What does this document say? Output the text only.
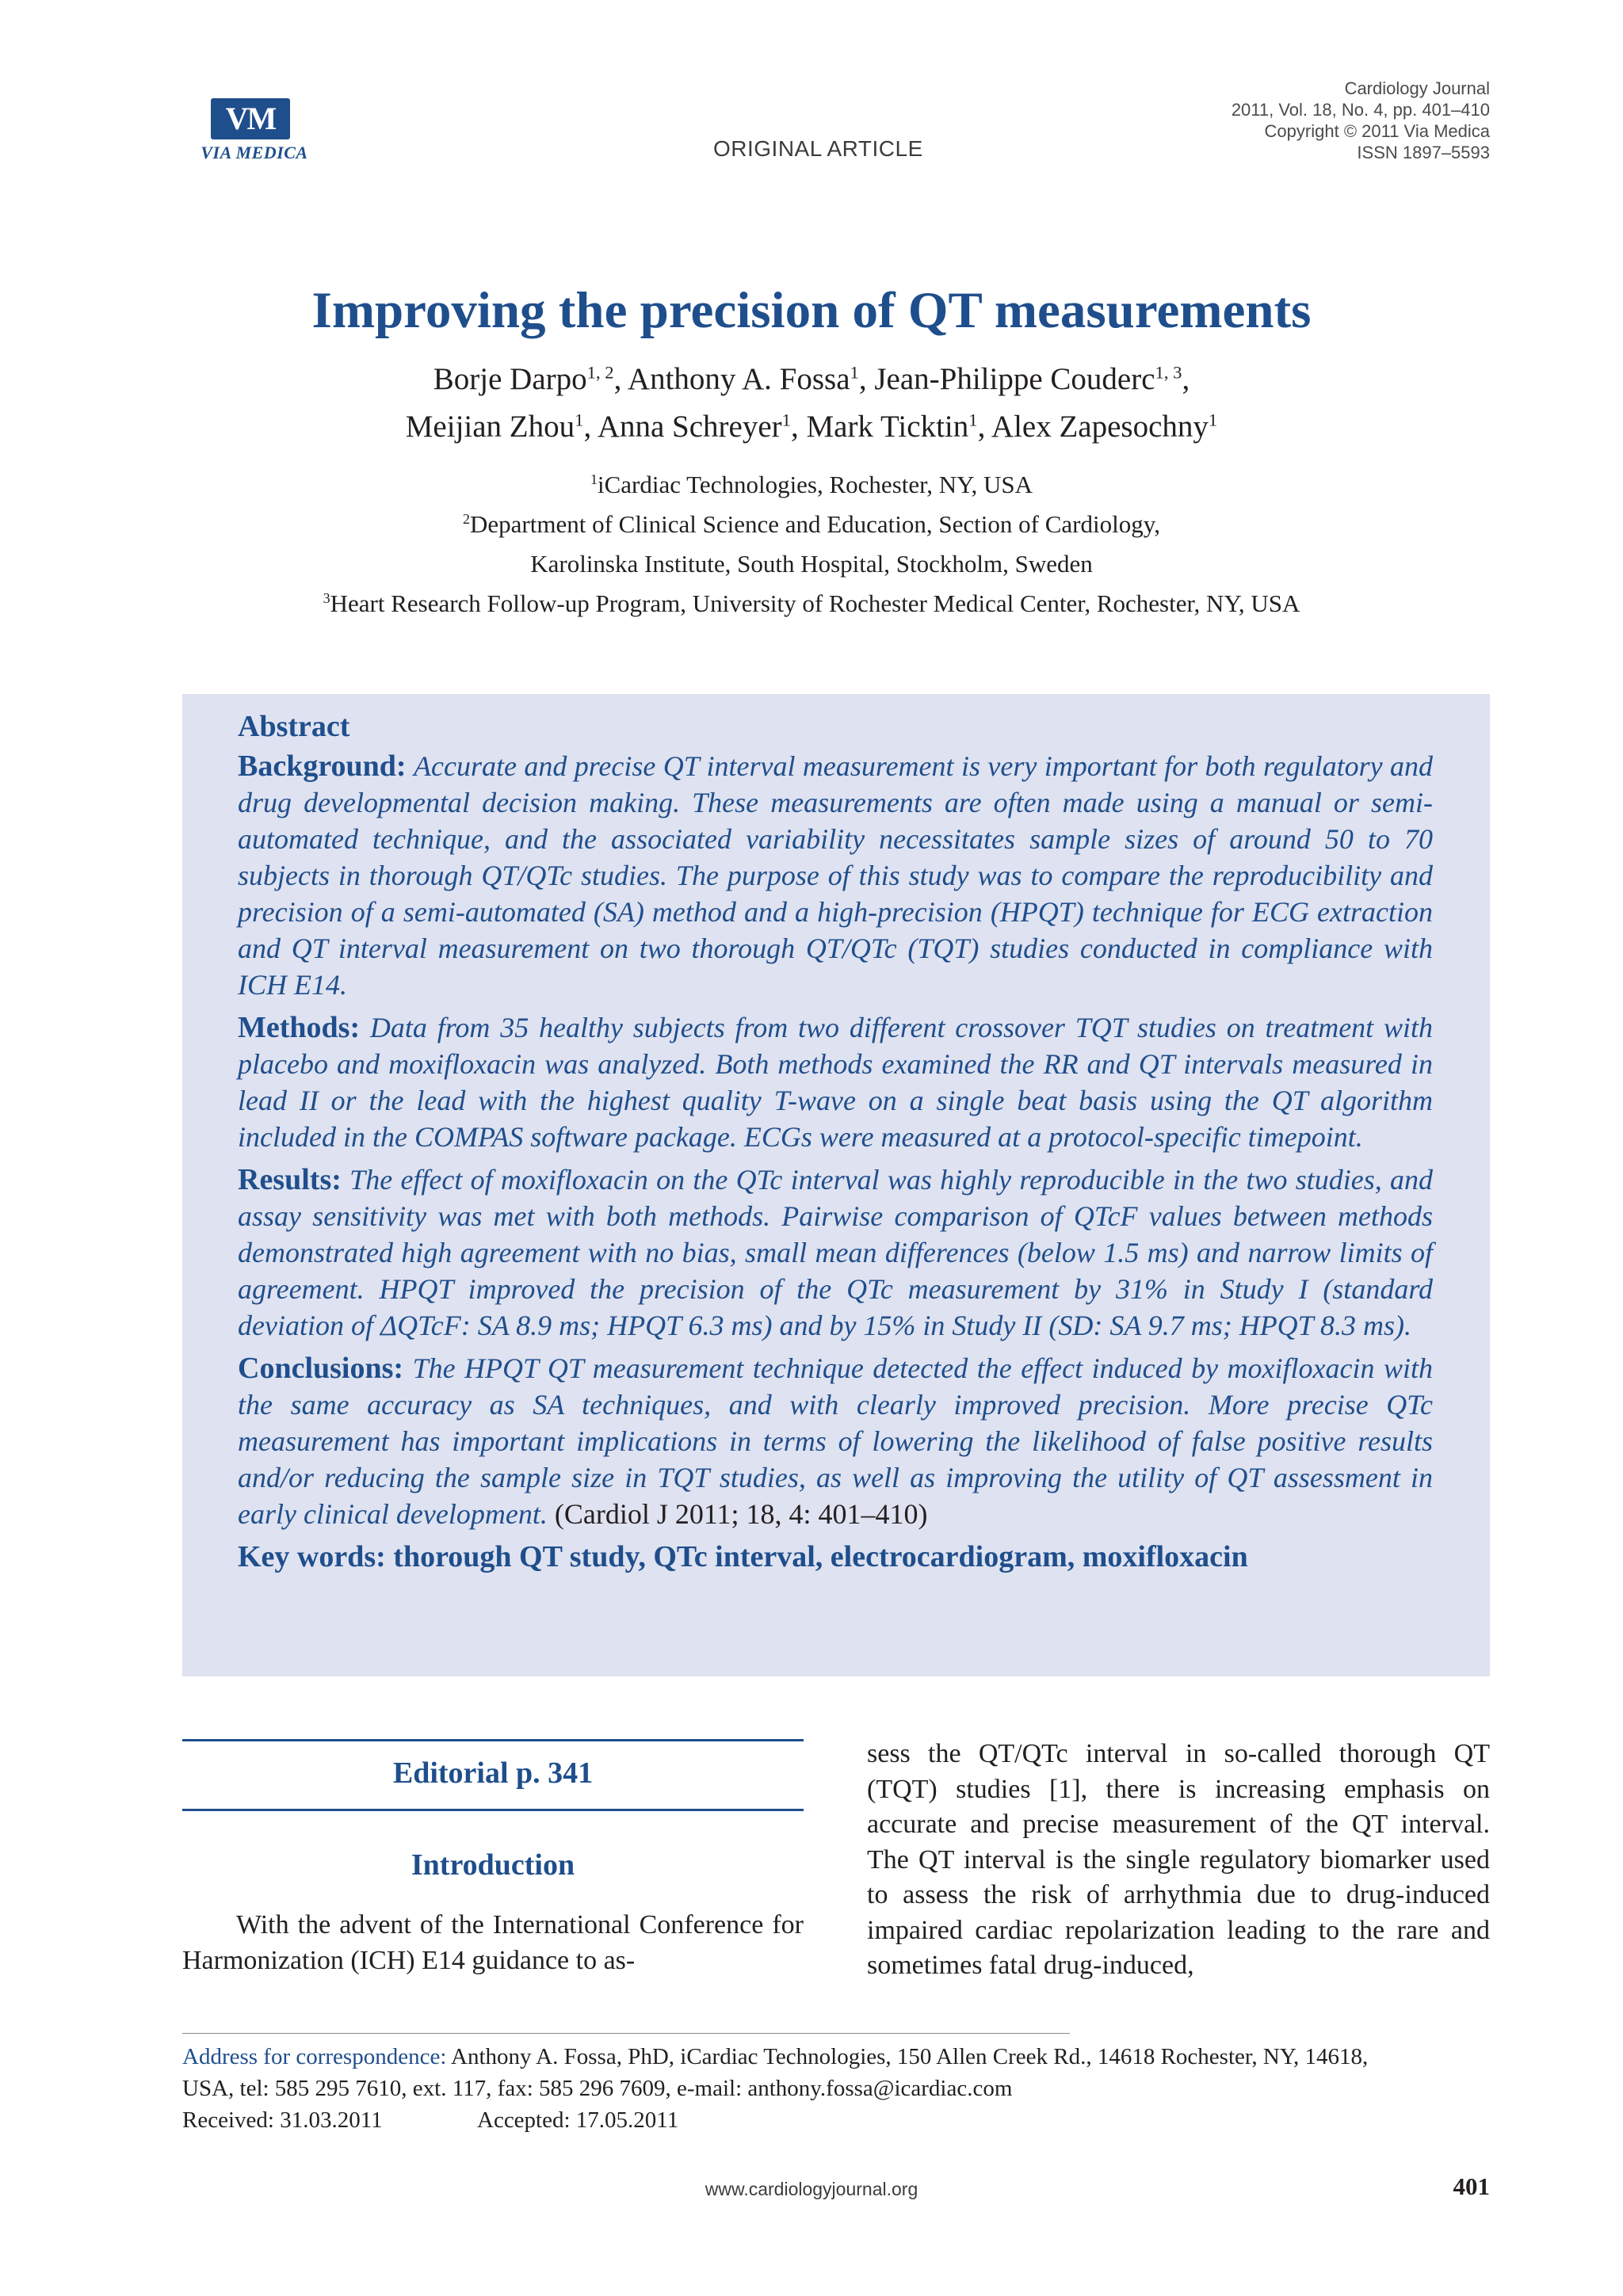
VM
VIA MEDICA
Cardiology Journal
2011, Vol. 18, No. 4, pp. 401–410
Copyright © 2011 Via Medica
ISSN 1897–5593
ORIGINAL ARTICLE
Improving the precision of QT measurements
Borje Darpo$^{1, 2}$, Anthony A. Fossa$^1$, Jean-Philippe Couderc$^{1, 3}$,
Meijian Zhou$^1$, Anna Schreyer$^1$, Mark Ticktin$^1$, Alex Zapesochny$^1$
$^1$iCardiac Technologies, Rochester, NY, USA
$^2$Department of Clinical Science and Education, Section of Cardiology,
Karolinska Institute, South Hospital, Stockholm, Sweden
$^3$Heart Research Follow-up Program, University of Rochester Medical Center, Rochester, NY, USA
Abstract

Background: Accurate and precise QT interval measurement is very important for both regulatory and drug developmental decision making. These measurements are often made using a manual or semi-automated technique, and the associated variability necessitates sample sizes of around 50 to 70 subjects in thorough QT/QTc studies. The purpose of this study was to compare the reproducibility and precision of a semi-automated (SA) method and a high-precision (HPQT) technique for ECG extraction and QT interval measurement on two thorough QT/QTc (TQT) studies conducted in compliance with ICH E14.

Methods: Data from 35 healthy subjects from two different crossover TQT studies on treatment with placebo and moxifloxacin was analyzed. Both methods examined the RR and QT intervals measured in lead II or the lead with the highest quality T-wave on a single beat basis using the QT algorithm included in the COMPAS software package. ECGs were measured at a protocol-specific timepoint.

Results: The effect of moxifloxacin on the QTc interval was highly reproducible in the two studies, and assay sensitivity was met with both methods. Pairwise comparison of QTcF values between methods demonstrated high agreement with no bias, small mean differences (below 1.5 ms) and narrow limits of agreement. HPQT improved the precision of the QTc measurement by 31% in Study I (standard deviation of ΔQTcF: SA 8.9 ms; HPQT 6.3 ms) and by 15% in Study II (SD: SA 9.7 ms; HPQT 8.3 ms).

Conclusions: The HPQT QT measurement technique detected the effect induced by moxifloxacin with the same accuracy as SA techniques, and with clearly improved precision. More precise QTc measurement has important implications in terms of lowering the likelihood of false positive results and/or reducing the sample size in TQT studies, as well as improving the utility of QT assessment in early clinical development. (Cardiol J 2011; 18, 4: 401–410)

Key words: thorough QT study, QTc interval, electrocardiogram, moxifloxacin

Editorial p. 341
Introduction
With the advent of the International Conference for Harmonization (ICH) E14 guidance to as-
sess the QT/QTc interval in so-called thorough QT (TQT) studies [1], there is increasing emphasis on accurate and precise measurement of the QT interval. The QT interval is the single regulatory biomarker used to assess the risk of arrhythmia due to drug-induced impaired cardiac repolarization leading to the rare and sometimes fatal drug-induced,
Address for correspondence: Anthony A. Fossa, PhD, iCardiac Technologies, 150 Allen Creek Rd., 14618 Rochester, NY, 14618, USA, tel: 585 295 7610, ext. 117, fax: 585 296 7609, e-mail: anthony.fossa@icardiac.com
Received: 31.03.2011	Accepted: 17.05.2011
www.cardiologyjournal.org	401
